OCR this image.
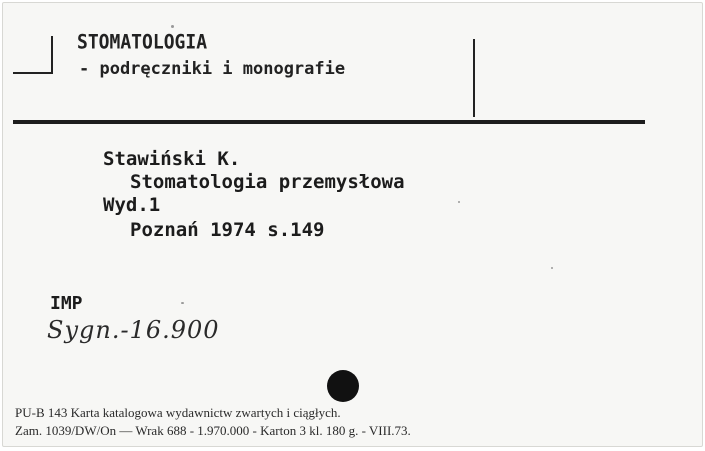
STOMATOLOGIA
- podręczniki i monografie
Stawiński K.
Stomatologia przemysłowa
Wyd.1
Poznań 1974 s.149
IMP
Sygn.-16.900
PU-B 143 Karta katalogowa wydawnictw zwartych i ciągłych.
Zam. 1039/DW/On — Wrak 688 - 1.970.000 - Karton 3 kl. 180 g. - VIII.73.
